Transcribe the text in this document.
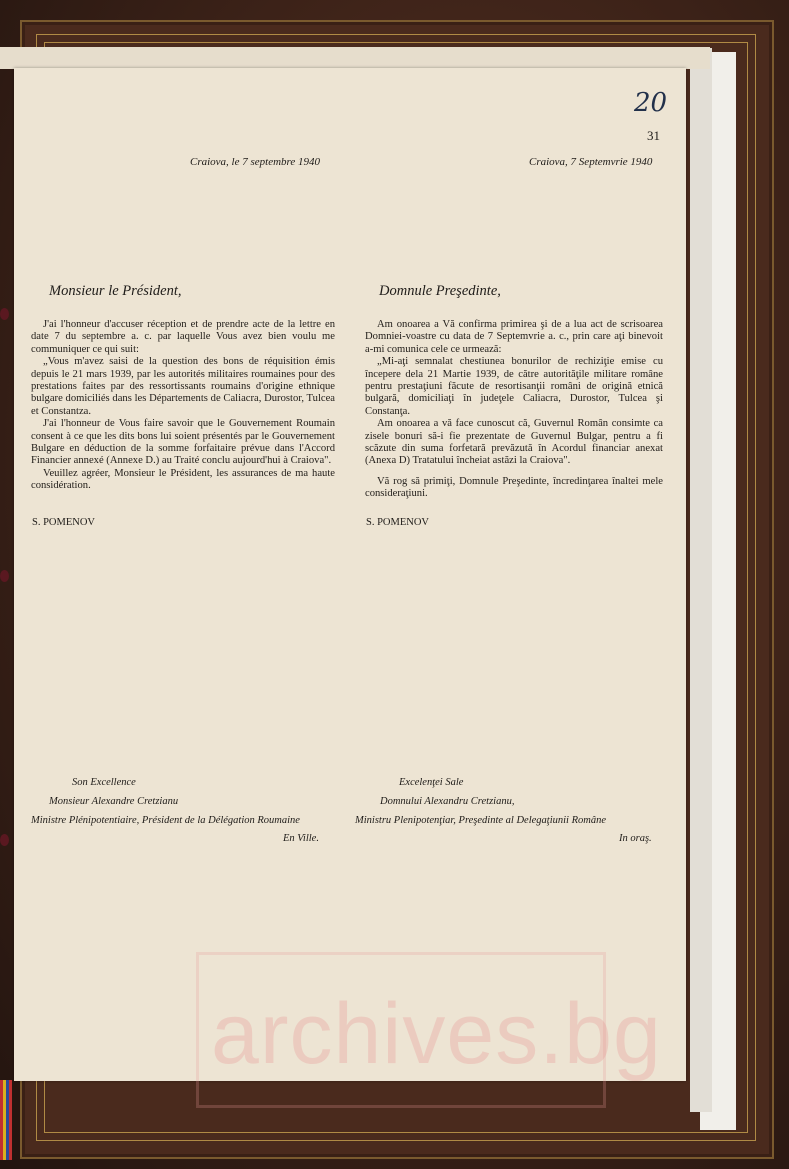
20
31
Craiova, le 7 septembre 1940
Monsieur le Président,

J'ai l'honneur d'accuser réception et de prendre acte de la lettre en date 7 du septembre a. c. par laquelle Vous avez bien voulu me communiquer ce qui suit:

„Vous m'avez saisi de la question des bons de réquisition émis depuis le 21 mars 1939, par les autorités militaires roumaines pour des prestations faites par des ressortissants roumains d'origine ethnique bulgare domiciliés dans les Départements de Caliacra, Durostor, Tulcea et Constantza.

J'ai l'honneur de Vous faire savoir que le Gouvernement Roumain consent à ce que les dits bons lui soient présentés par le Gouvernement Bulgare en déduction de la somme forfaitaire prévue dans l'Accord Financier annexé (Annexe D.) au Traité conclu aujourd'hui à Craiova".

Veuillez agréer, Monsieur le Président, les assurances de ma haute considération.

S. POMENOV
Son Excellence
Monsieur Alexandre Cretzianu
Ministre Plénipotentiaire, Président de la Délégation Roumaine
En Ville.
Craiova, 7 Septemvrie 1940
Domnule Preşedinte,

Am onoarea a Vă confirma primirea şi de a lua act de scrisoarea Domniei-voastre cu data de 7 Septemvrie a. c., prin care aţi binevoit a-mi comunica cele ce urmează:

„Mi-aţi semnalat chestiunea bonurilor de rechiziţie emise cu începere dela 21 Martie 1939, de către autorităţile militare române pentru prestaţiuni făcute de resortisanţii români de origină etnică bulgară, domiciliaţi în judeţele Caliacra, Durostor, Tulcea şi Constanţa.

Am onoarea a vă face cunoscut că, Guvernul Român consimte ca zisele bonuri să-i fie prezentate de Guvernul Bulgar, pentru a fi scăzute din suma forfetară prevăzută în Acordul financiar anexat (Anexa D) Tratatului încheiat astăzi la Craiova".

Vă rog să primiţi, Domnule Preşedinte, încredinţarea înaltei mele consideraţiuni.

S. POMENOV
Excelenţei Sale
Domnului Alexandru Cretzianu,
Ministru Plenipotenţiar, Preşedinte al Delegaţiunii Române
In oraş.
archives.bg
